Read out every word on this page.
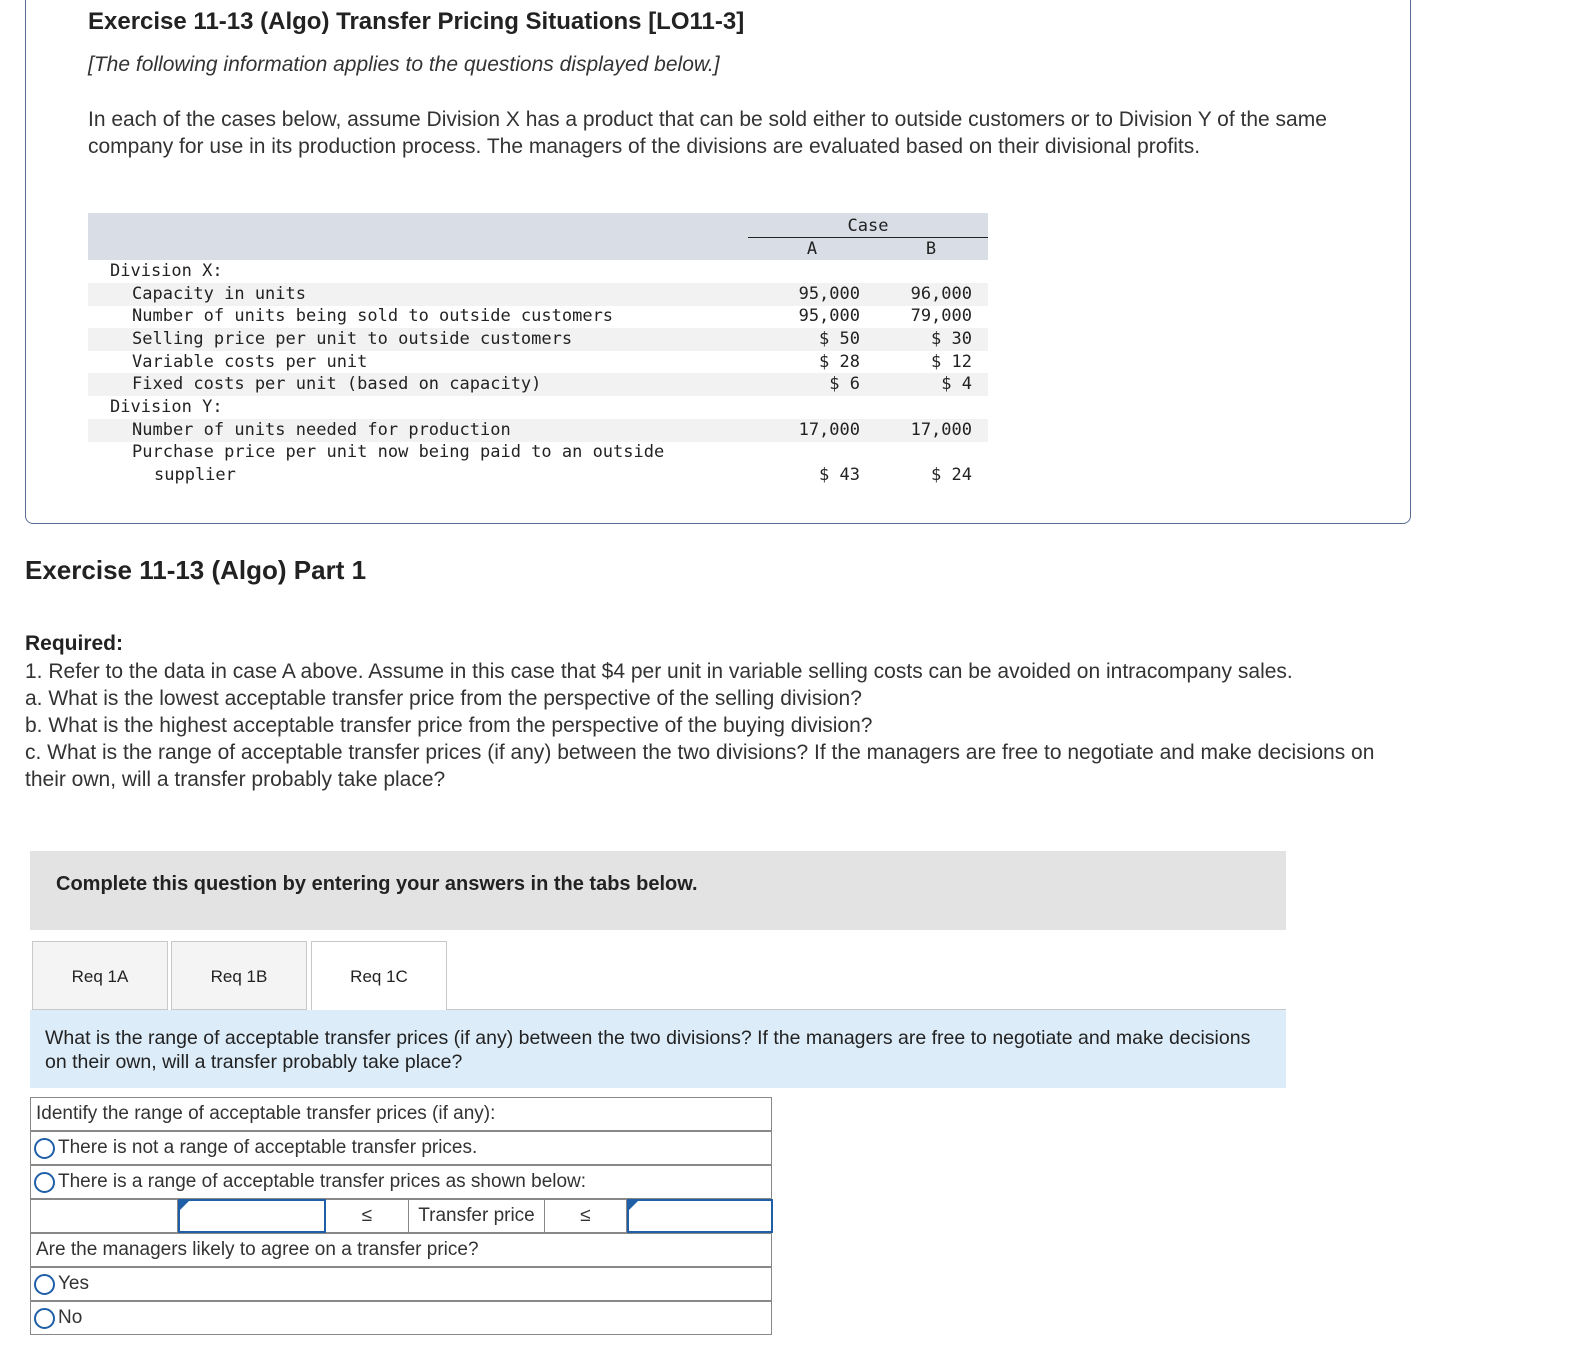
Exercise 11-13 (Algo) Transfer Pricing Situations [LO11-3]
[The following information applies to the questions displayed below.]
In each of the cases below, assume Division X has a product that can be sold either to outside customers or to Division Y of the same company for use in its production process. The managers of the divisions are evaluated based on their divisional profits.
Case
A	B
Division X:
Capacity in units	95,000	96,000
Number of units being sold to outside customers	95,000	79,000
Selling price per unit to outside customers	$ 50	$ 30
Variable costs per unit	$ 28	$ 12
Fixed costs per unit (based on capacity)	$ 6	$ 4
Division Y:
Number of units needed for production	17,000	17,000
Purchase price per unit now being paid to an outside
supplier	$ 43	$ 24
Exercise 11-13 (Algo) Part 1
Required:

1. Refer to the data in case A above. Assume in this case that $4 per unit in variable selling costs can be avoided on intracompany sales.

a. What is the lowest acceptable transfer price from the perspective of the selling division?

b. What is the highest acceptable transfer price from the perspective of the buying division?

c. What is the range of acceptable transfer prices (if any) between the two divisions? If the managers are free to negotiate and make decisions on their own, will a transfer probably take place?

Complete this question by entering your answers in the tabs below.
Req 1A	Req 1B	Req 1C
What is the range of acceptable transfer prices (if any) between the two divisions? If the managers are free to negotiate and make decisions on their own, will a transfer probably take place?
Identify the range of acceptable transfer prices (if any):
There is not a range of acceptable transfer prices.
There is a range of acceptable transfer prices as shown below:
≤	Transfer price	≤
Are the managers likely to agree on a transfer price?
Yes
No
